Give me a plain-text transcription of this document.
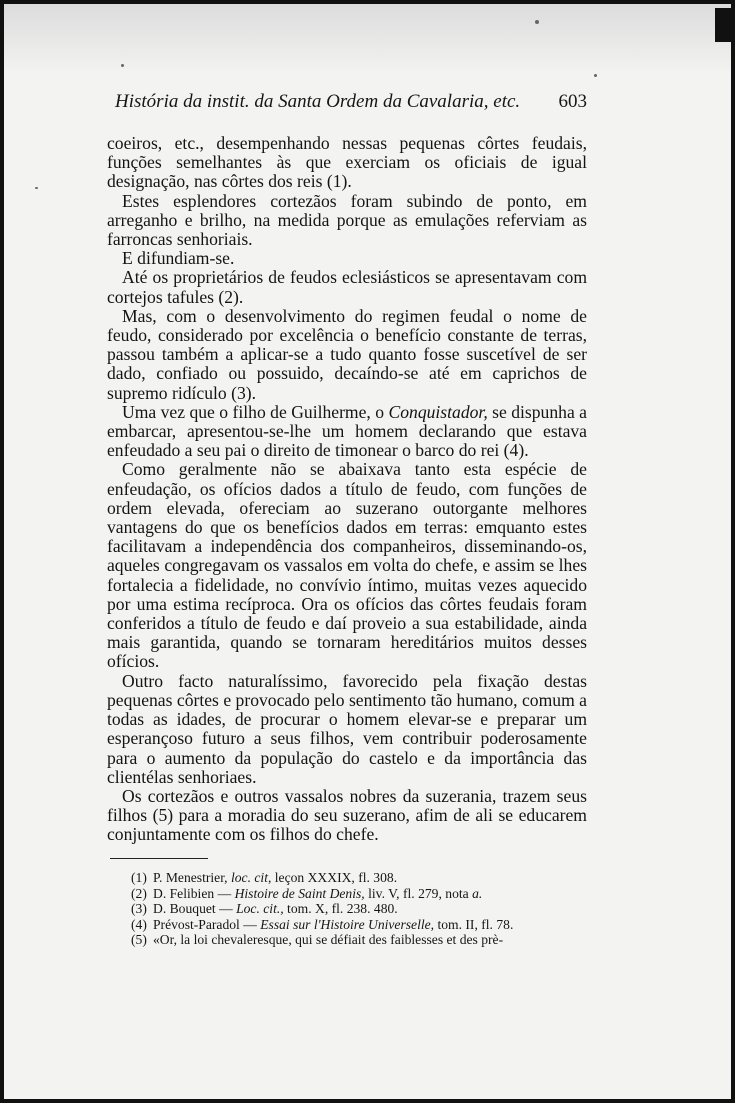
História da instit. da Santa Ordem da Cavalaria, etc. 603

coeiros, etc., desempenhando nessas pequenas côrtes feudais, funções semelhantes às que exerciam os oficiais de igual designação, nas côrtes dos reis (1).

Estes esplendores cortezãos foram subindo de ponto, em arreganho e brilho, na medida porque as emulações referviam as farroncas senhoriais.

E difundiam-se.

Até os proprietários de feudos eclesiásticos se apresentavam com cortejos tafules (2).

Mas, com o desenvolvimento do regimen feudal o nome de feudo, considerado por excelência o benefício constante de terras, passou também a aplicar-se a tudo quanto fosse suscetível de ser dado, confiado ou possuido, decaíndo-se até em caprichos de supremo ridículo (3).

Uma vez que o filho de Guilherme, o Conquistador, se dispunha a embarcar, apresentou-se-lhe um homem declarando que estava enfeudado a seu pai o direito de timonear o barco do rei (4).

Como geralmente não se abaixava tanto esta espécie de enfeudação, os ofícios dados a título de feudo, com funções de ordem elevada, ofereciam ao suzerano outorgante melhores vantagens do que os benefícios dados em terras: emquanto estes facilitavam a independência dos companheiros, disseminando-os, aqueles congregavam os vassalos em volta do chefe, e assim se lhes fortalecia a fidelidade, no convívio íntimo, muitas vezes aquecido por uma estima recíproca. Ora os ofícios das côrtes feudais foram conferidos a título de feudo e daí proveio a sua estabilidade, ainda mais garantida, quando se tornaram hereditários muitos desses ofícios.

Outro facto naturalíssimo, favorecido pela fixação destas pequenas côrtes e provocado pelo sentimento tão humano, comum a todas as idades, de procurar o homem elevar-se e preparar um esperançoso futuro a seus filhos, vem contribuir poderosamente para o aumento da população do castelo e da importância das clientélas senhoriaes.

Os cortezãos e outros vassalos nobres da suzerania, trazem seus filhos (5) para a moradia do seu suzerano, afim de ali se educarem conjuntamente com os filhos do chefe.

(1) P. Menestrier, loc. cit, leçon XXXIX, fl. 308.
(2) D. Felibien — Histoire de Saint Denis, liv. V, fl. 279, nota a.
(3) D. Bouquet — Loc. cit., tom. X, fl. 238. 480.
(4) Prévost-Paradol — Essai sur l'Histoire Universelle, tom. II, fl. 78.
(5) «Or, la loi chevaleresque, qui se défiait des faiblesses et des prè-
